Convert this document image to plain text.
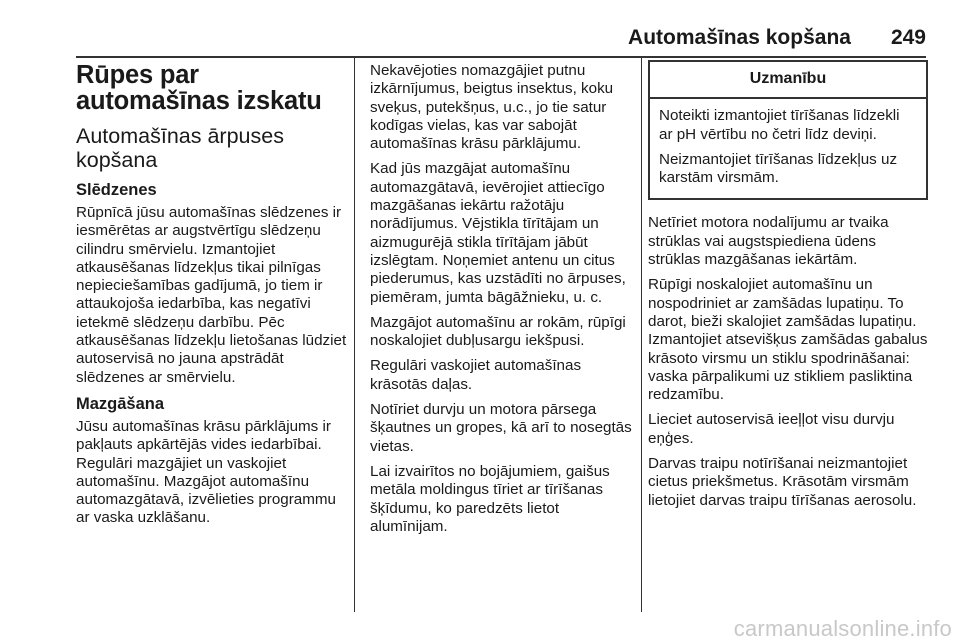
Automašīnas kopšana 249
Rūpes par automašīnas izskatu
Automašīnas ārpuses kopšana
Slēdzenes

Rūpnīcā jūsu automašīnas slēdzenes ir iesmērētas ar augstvērtīgu slēdzeņu cilindru smērvielu. Izmantojiet atkausēšanas līdzekļus tikai pilnīgas nepieciešamības gadījumā, jo tiem ir attaukojoša iedarbība, kas negatīvi ietekmē slēdzeņu darbību. Pēc atkausēšanas līdzekļu lietošanas lūdziet autoservisā no jauna apstrādāt slēdzenes ar smērvielu.

Mazgāšana

Jūsu automašīnas krāsu pārklājums ir pakļauts apkārtējās vides iedarbībai. Regulāri mazgājiet un vaskojiet automašīnu. Mazgājot automašīnu automazgātavā, izvēlieties programmu ar vaska uzklāšanu.

Nekavējoties nomazgājiet putnu izkārnījumus, beigtus insektus, koku sveķus, putekšņus, u.c., jo tie satur kodīgas vielas, kas var sabojāt automašīnas krāsu pārklājumu.

Kad jūs mazgājat automašīnu automazgātavā, ievērojiet attiecīgo mazgāšanas iekārtu ražotāju norādījumus. Vējstikla tīrītājam un aizmugurējā stikla tīrītājam jābūt izslēgtam. Noņemiet antenu un citus piederumus, kas uzstādīti no ārpuses, piemēram, jumta bāgāžnieku, u. c.

Mazgājot automašīnu ar rokām, rūpīgi noskalojiet dubļusargu iekšpusi.

Regulāri vaskojiet automašīnas krāsotās daļas.

Notīriet durvju un motora pārsega šķautnes un gropes, kā arī to nosegtās vietas.

Lai izvairītos no bojājumiem, gaišus metāla moldingus tīriet ar tīrīšanas šķīdumu, ko paredzēts lietot alumīnijam.

Uzmanību

Noteikti izmantojiet tīrīšanas līdzekli ar pH vērtību no četri līdz deviņi.

Neizmantojiet tīrīšanas līdzekļus uz karstām virsmām.

Netīriet motora nodalījumu ar tvaika strūklas vai augstspiediena ūdens strūklas mazgāšanas iekārtām.

Rūpīgi noskalojiet automašīnu un nospodriniet ar zamšādas lupatiņu. To darot, bieži skalojiet zamšādas lupatiņu. Izmantojiet atsevišķus zamšādas gabalus krāsoto virsmu un stiklu spodrināšanai: vaska pārpalikumi uz stikliem pasliktina redzamību.

Lieciet autoservisā ieeļļot visu durvju eņģes.

Darvas traipu notīrīšanai neizmantojiet cietus priekšmetus. Krāsotām virsmām lietojiet darvas traipu tīrīšanas aerosolu.

carmanualsonline.info
